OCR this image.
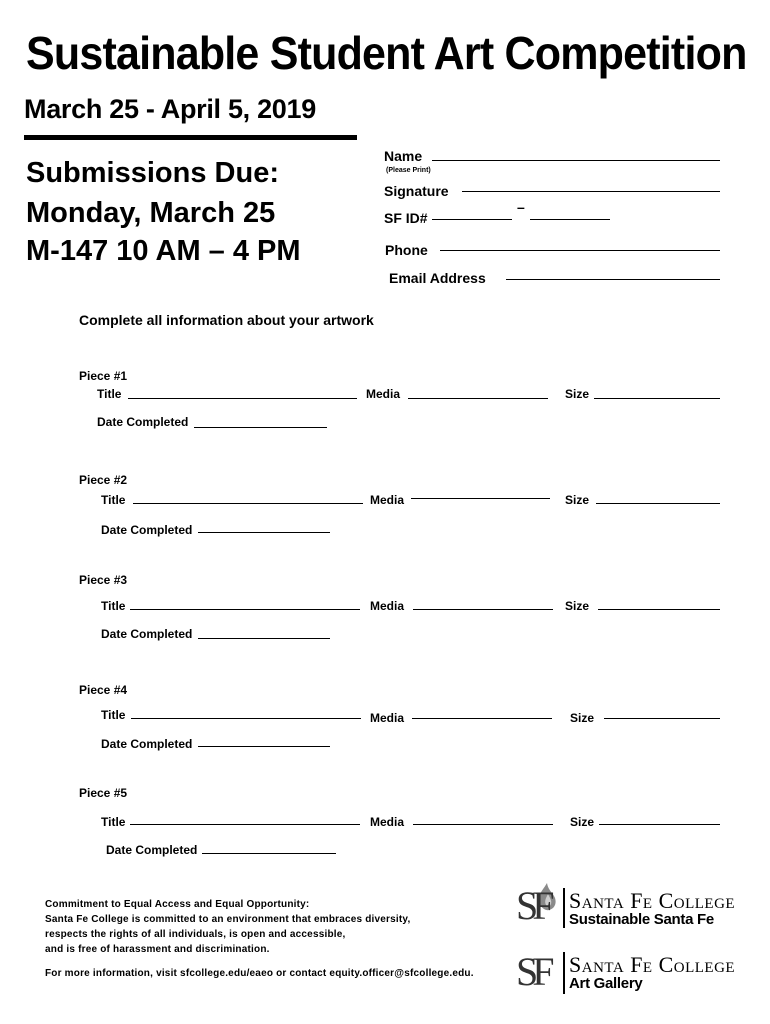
Sustainable Student Art Competition
March 25 - April 5, 2019
Submissions Due:
Monday, March 25
M-147 10 AM – 4 PM
Name
(Please Print)
Signature
SF ID#
–
Phone
Email Address
Complete all information about your artwork
Piece #1
Title	Media	Size
Date Completed
Piece #2
Title	Media	Size
Date Completed
Piece #3
Title	Media	Size
Date Completed
Piece #4
Title	Media	Size
Date Completed
Piece #5
Title	Media	Size
Date Completed
Commitment to Equal Access and Equal Opportunity:
Santa Fe College is committed to an environment that embraces diversity,
respects the rights of all individuals, is open and accessible,
and is free of harassment and discrimination.
For more information, visit sfcollege.edu/eaeo or contact equity.officer@sfcollege.edu.
SF Santa Fe College
Sustainable Santa Fe
SF Santa Fe College
Art Gallery
